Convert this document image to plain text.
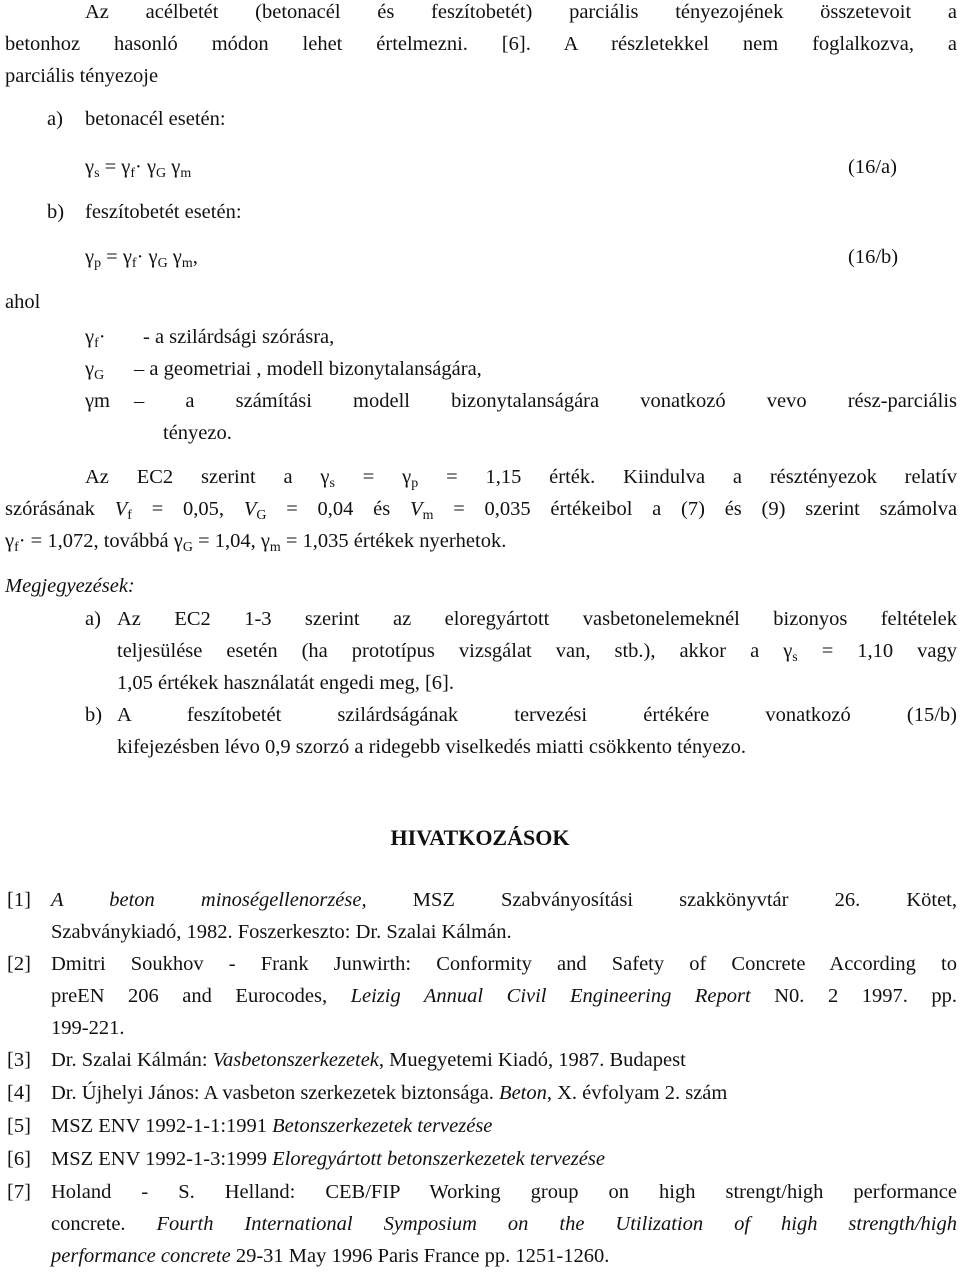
Az acélbetét (betonacél és feszítobetét) parciális tényezojének összetevoit a
betonhoz hasonló módon lehet értelmezni. [6]. A részletekkel nem foglalkozva, a
parciális tényezoje
a) betonacél esetén:
$\gamma_s = \gamma_f\cdot \gamma_G$ $\gamma_m$	(16/a)
b) feszítobetét esetén:
$\gamma_p = \gamma_f\cdot \gamma_G$ $\gamma_m$,	(16/b)
ahol
$\gamma_f\cdot - a$ szilárdsági szórásra,
$\gamma_G$ – a geometriai , modell bizonytalanságára,
γm – a számítási modell bizonytalanságára vonatkozó vevo rész-parciális
tényezo.
Az EC2 szerint a $\gamma_s = \gamma_p = 1,15$ érték. Kiindulva a résztényezok relatív
szórásának $V_f = 0,05$, $V_G = 0,04$ és $V_m = 0,035$ értékeibol a (7) és (9) szerint számolva
$\gamma_f\cdot = 1,072$, továbbá $\gamma_G = 1,04$, $\gamma_m = 1,035$ értékek nyerhetok.
Megjegyezések:
a) Az EC2 1-3 szerint az eloregyártott vasbetonelemeknél bizonyos feltételek
teljesülése esetén (ha prototípus vizsgálat van, stb.), akkor a $\gamma_s = 1,10$ vagy
1,05 értékek használatát engedi meg, [6].
b) A feszítobetét szilárdságának tervezési értékére vonatkozó (15/b)
kifejezésben lévo 0,9 szorzó a ridegebb viselkedés miatti csökkento tényezo.
HIVATKOZÁSOK
[1] A beton minoségellenorzése, MSZ Szabványosítási szakkönyvtár 26. Kötet,
Szabványkiadó, 1982. Foszerkeszto: Dr. Szalai Kálmán.
[2] Dmitri Soukhov - Frank Junwirth: Conformity and Safety of Concrete According to
preEN 206 and Eurocodes, Leizig Annual Civil Engineering Report N0. 2 1997. pp.
199-221.
[3] Dr. Szalai Kálmán: Vasbetonszerkezetek, Muegyetemi Kiadó, 1987. Budapest
[4] Dr. Újhelyi János: A vasbeton szerkezetek biztonsága. Beton, X. évfolyam 2. szám
[5] MSZ ENV 1992-1-1:1991 Betonszerkezetek tervezése
[6] MSZ ENV 1992-1-3:1999 Eloregyártott betonszerkezetek tervezése
[7] Holand - S. Helland: CEB/FIP Working group on high strengt/high performance
concrete. Fourth International Symposium on the Utilization of high strength/high
performance concrete 29-31 May 1996 Paris France pp. 1251-1260.
